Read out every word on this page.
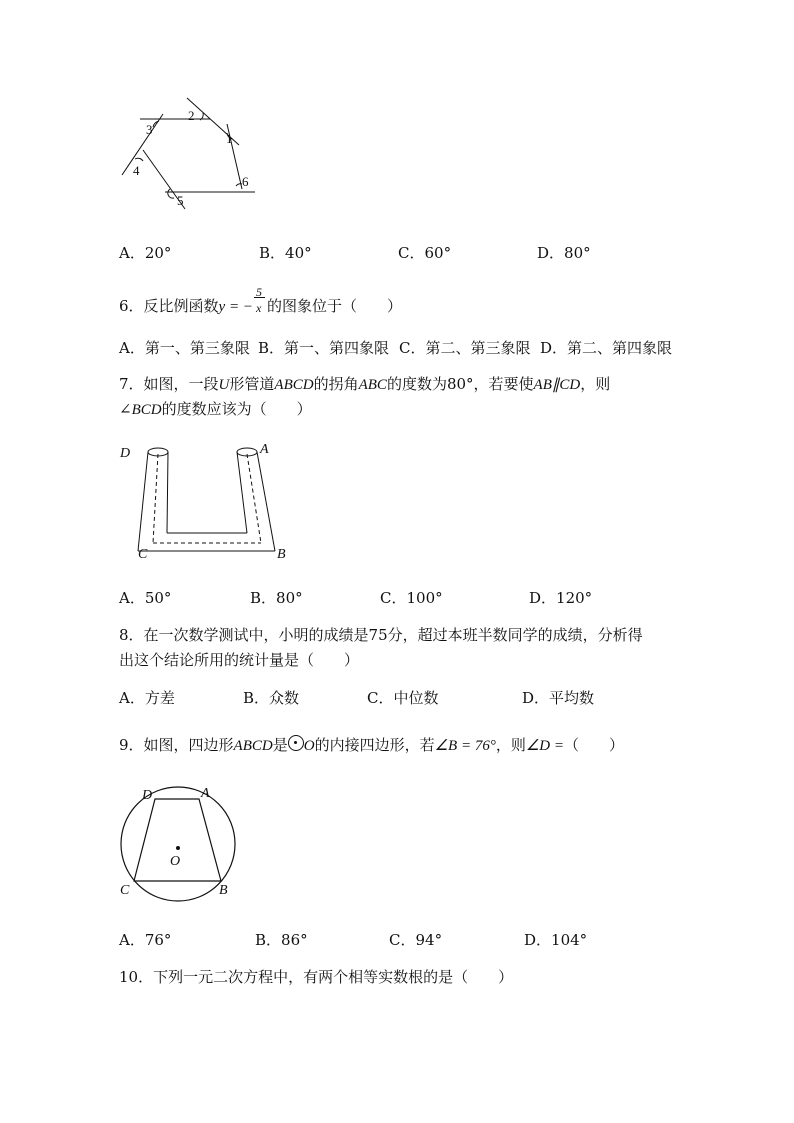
1
2
3
4
5
6
A．20°	B．40°	C．60°	D．80°
6．反比例函数y = − $\frac{5}{x}$ 的图象位于（　　）
A．第一、第三象限 B．第一、第四象限 C．第二、第三象限 D．第二、第四象限
7．如图，一段U形管道ABCD的拐角ABC的度数为80°，若要使AB∥CD，则
∠BCD的度数应该为（　　）
D	A
C	B
A．50°	B．80°	C．100°	D．120°
8．在一次数学测试中，小明的成绩是75分，超过本班半数同学的成绩，分析得
出这个结论所用的统计量是（　　）
A．方差	B．众数	C．中位数	D．平均数
9．如图，四边形ABCD是 O的内接四边形，若∠B = 76°，则∠D =（　　）
D	A
O
C	B
A．76°	B．86°	C．94°	D．104°
10．下列一元二次方程中，有两个相等实数根的是（　　）
